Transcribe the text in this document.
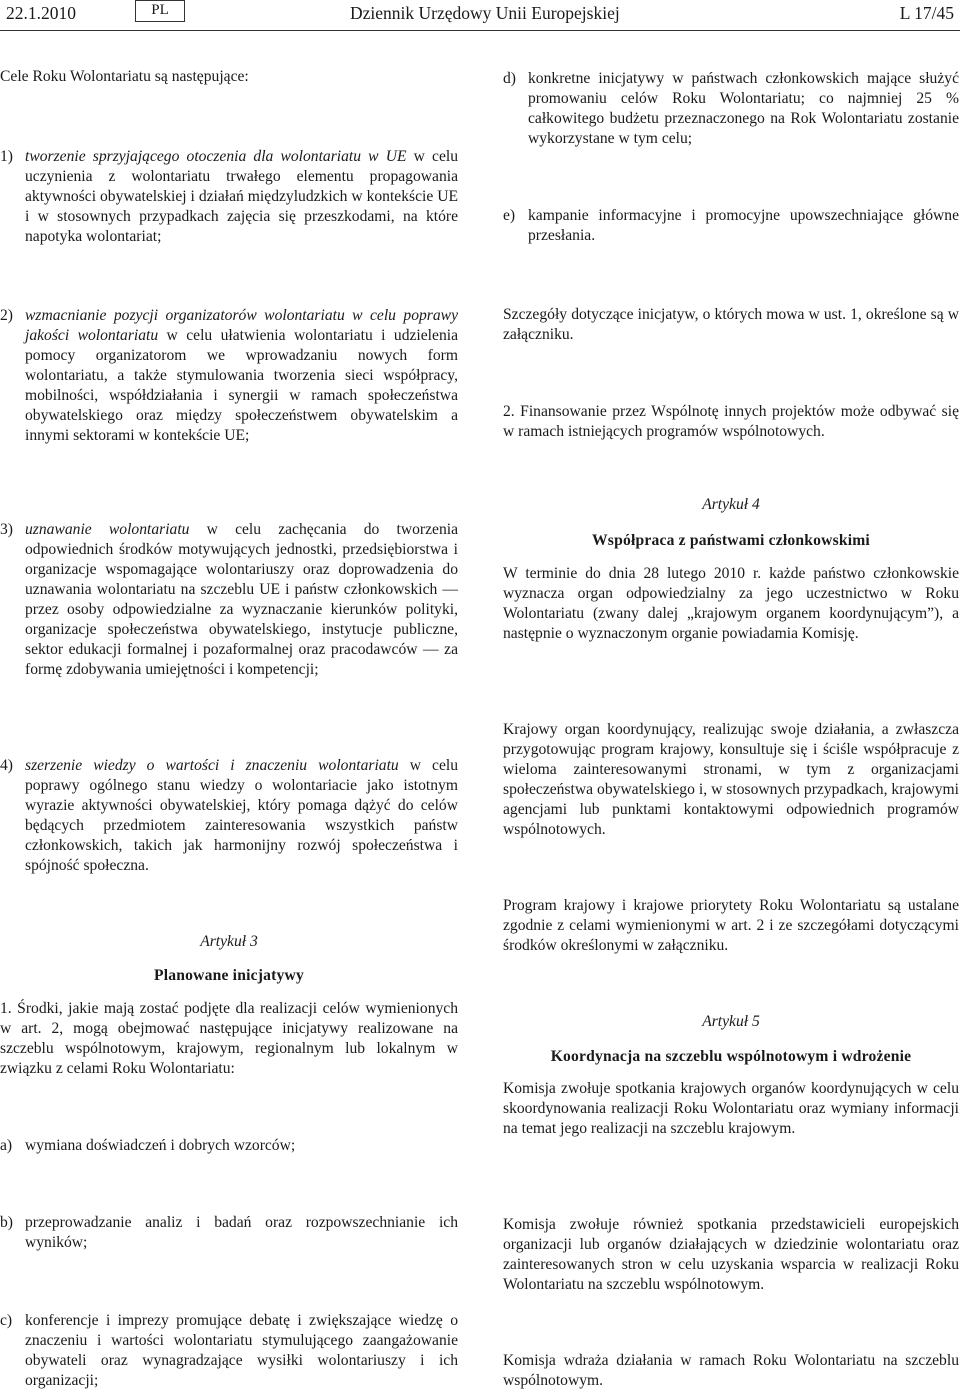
22.1.2010	PL	Dziennik Urzędowy Unii Europejskiej	L 17/45

Cele Roku Wolontariatu są następujące:

1) tworzenie sprzyjającego otoczenia dla wolontariatu w UE w celu uczynienia z wolontariatu trwałego elementu propagowania aktywności obywatelskiej i działań międzyludzkich w kontekście UE i w stosownych przypadkach zajęcia się przeszkodami, na które napotyka wolontariat;
2) wzmacnianie pozycji organizatorów wolontariatu w celu poprawy jakości wolontariatu w celu ułatwienia wolontariatu i udzielenia pomocy organizatorom we wprowadzaniu nowych form wolontariatu, a także stymulowania tworzenia sieci współpracy, mobilności, współdziałania i synergii w ramach społeczeństwa obywatelskiego oraz między społeczeństwem obywatelskim a innymi sektorami w kontekście UE;
3) uznawanie wolontariatu w celu zachęcania do tworzenia odpowiednich środków motywujących jednostki, przedsiębiorstwa i organizacje wspomagające wolontariuszy oraz doprowadzenia do uznawania wolontariatu na szczeblu UE i państw członkowskich — przez osoby odpowiedzialne za wyznaczanie kierunków polityki, organizacje społeczeństwa obywatelskiego, instytucje publiczne, sektor edukacji formalnej i pozaformalnej oraz pracodawców — za formę zdobywania umiejętności i kompetencji;
4) szerzenie wiedzy o wartości i znaczeniu wolontariatu w celu poprawy ogólnego stanu wiedzy o wolontariacie jako istotnym wyrazie aktywności obywatelskiej, który pomaga dążyć do celów będących przedmiotem zainteresowania wszystkich państw członkowskich, takich jak harmonijny rozwój społeczeństwa i spójność społeczna.

Artykuł 3

Planowane inicjatywy

1. Środki, jakie mają zostać podjęte dla realizacji celów wymienionych w art. 2, mogą obejmować następujące inicjatywy realizowane na szczeblu wspólnotowym, krajowym, regionalnym lub lokalnym w związku z celami Roku Wolontariatu:

a) wymiana doświadczeń i dobrych wzorców;
b) przeprowadzanie analiz i badań oraz rozpowszechnianie ich wyników;
c) konferencje i imprezy promujące debatę i zwiększające wiedzę o znaczeniu i wartości wolontariatu stymulującego zaangażowanie obywateli oraz wynagradzające wysiłki wolontariuszy i ich organizacji;
d) konkretne inicjatywy w państwach członkowskich mające służyć promowaniu celów Roku Wolontariatu; co najmniej 25 % całkowitego budżetu przeznaczonego na Rok Wolontariatu zostanie wykorzystane w tym celu;
e) kampanie informacyjne i promocyjne upowszechniające główne przesłania.

Szczegóły dotyczące inicjatyw, o których mowa w ust. 1, określone są w załączniku.

2. Finansowanie przez Wspólnotę innych projektów może odbywać się w ramach istniejących programów wspólnotowych.

Artykuł 4

Współpraca z państwami członkowskimi

W terminie do dnia 28 lutego 2010 r. każde państwo członkowskie wyznacza organ odpowiedzialny za jego uczestnictwo w Roku Wolontariatu (zwany dalej „krajowym organem koordynującym”), a następnie o wyznaczonym organie powiadamia Komisję.

Krajowy organ koordynujący, realizując swoje działania, a zwłaszcza przygotowując program krajowy, konsultuje się i ściśle współpracuje z wieloma zainteresowanymi stronami, w tym z organizacjami społeczeństwa obywatelskiego i, w stosownych przypadkach, krajowymi agencjami lub punktami kontaktowymi odpowiednich programów wspólnotowych.

Program krajowy i krajowe priorytety Roku Wolontariatu są ustalane zgodnie z celami wymienionymi w art. 2 i ze szczegółami dotyczącymi środków określonymi w załączniku.

Artykuł 5

Koordynacja na szczeblu wspólnotowym i wdrożenie

Komisja zwołuje spotkania krajowych organów koordynujących w celu skoordynowania realizacji Roku Wolontariatu oraz wymiany informacji na temat jego realizacji na szczeblu krajowym.

Komisja zwołuje również spotkania przedstawicieli europejskich organizacji lub organów działających w dziedzinie wolontariatu oraz zainteresowanych stron w celu uzyskania wsparcia w realizacji Roku Wolontariatu na szczeblu wspólnotowym.

Komisja wdraża działania w ramach Roku Wolontariatu na szczeblu wspólnotowym.
